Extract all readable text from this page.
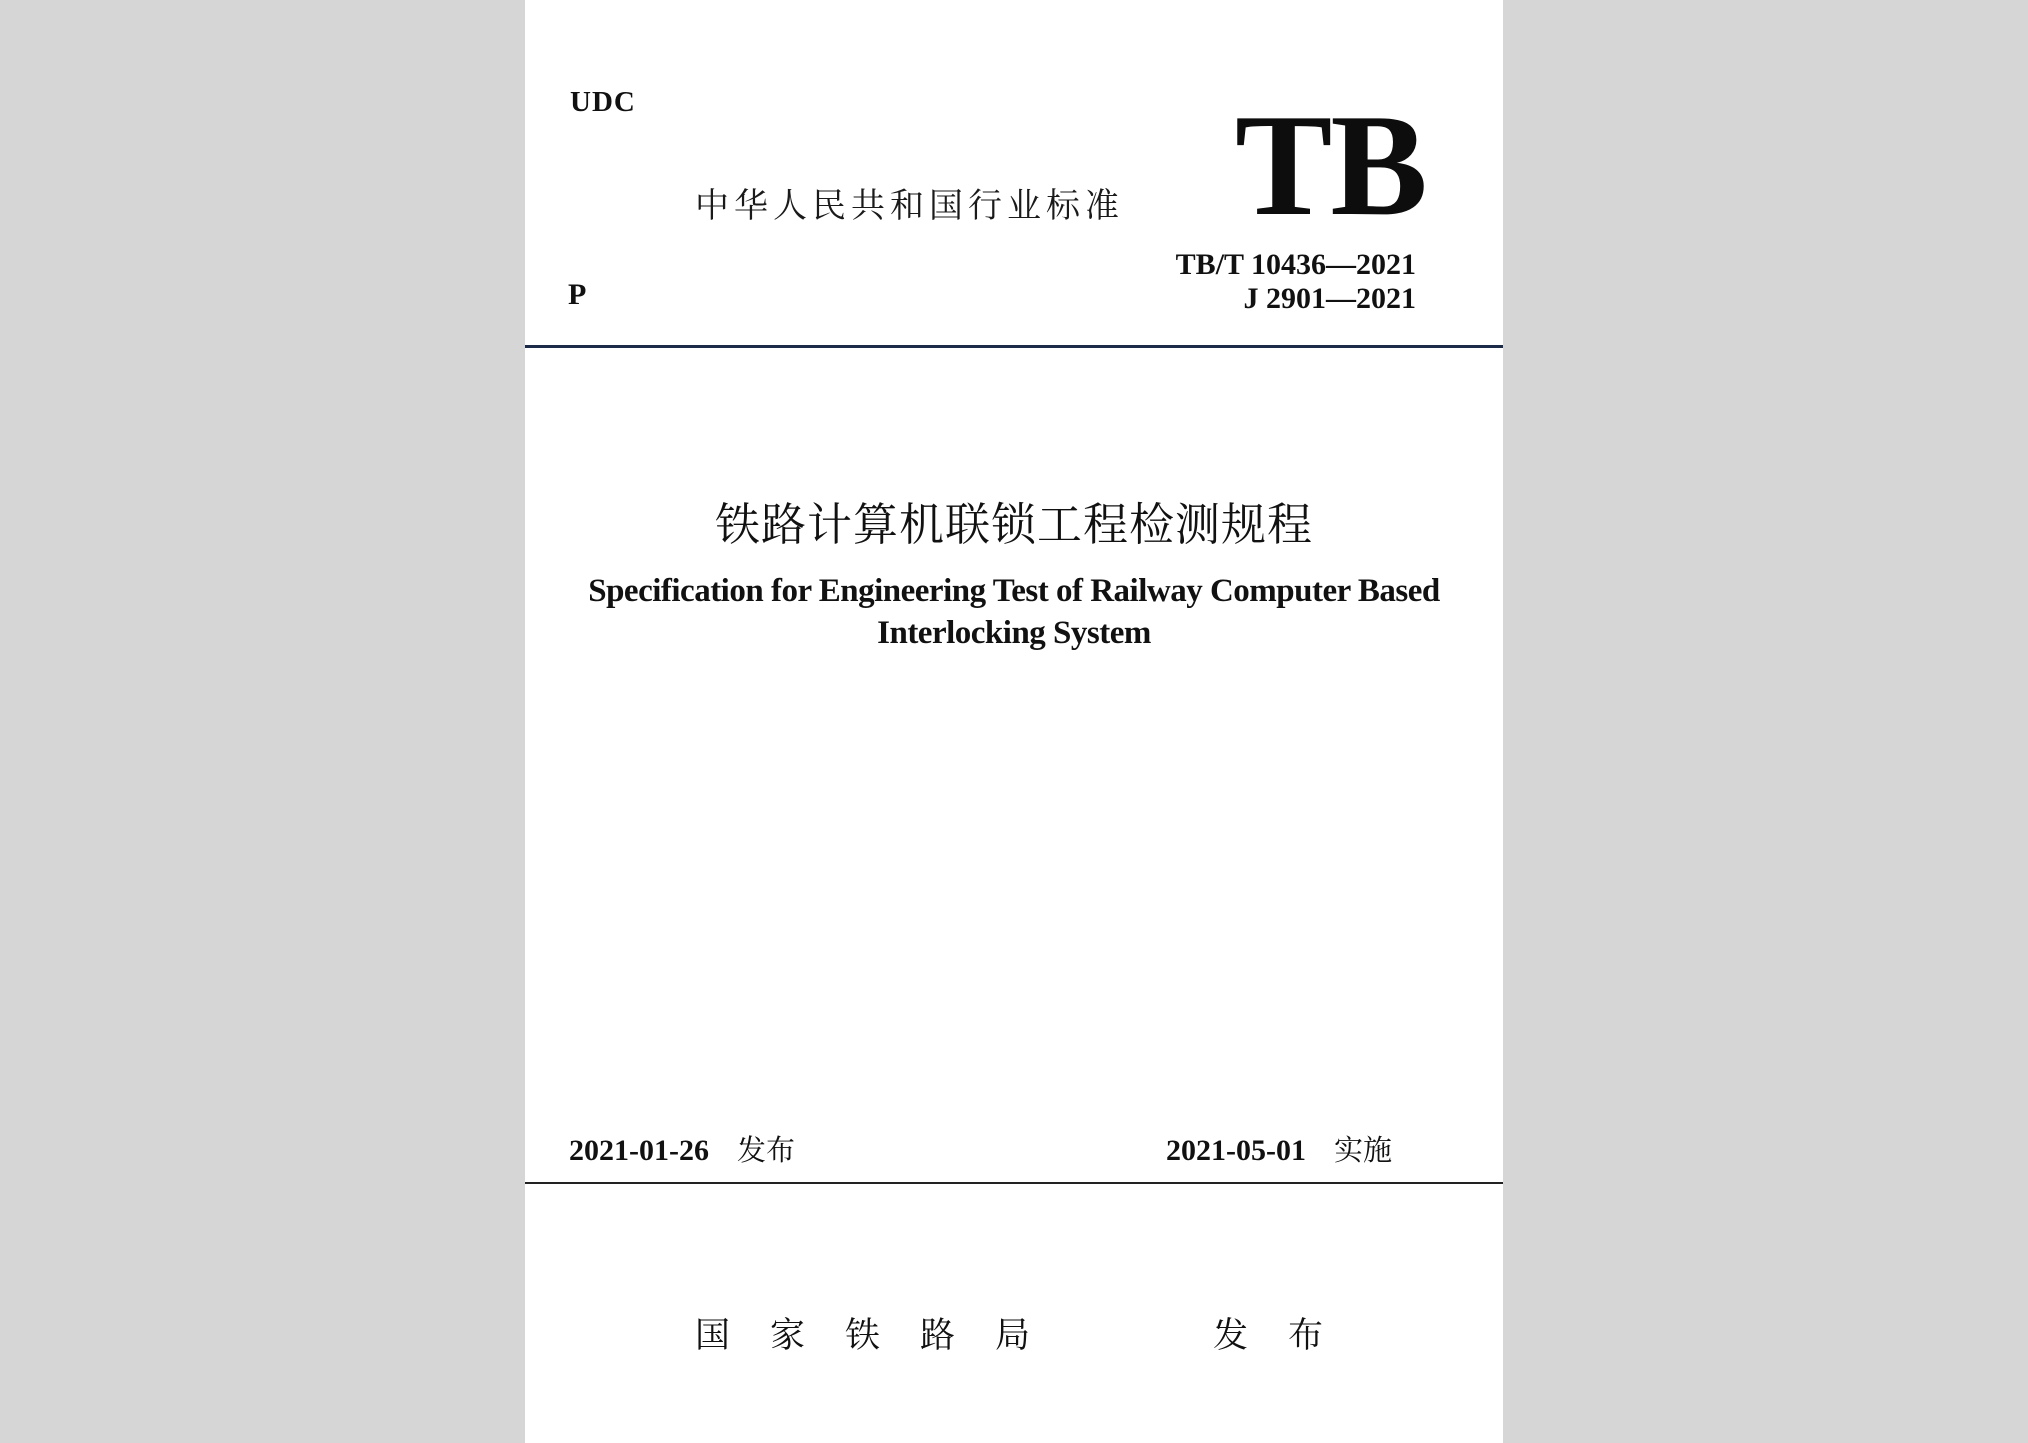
UDC
中华人民共和国行业标准 TB
P
TB/T 10436—2021
J 2901—2021
铁路计算机联锁工程检测规程
Specification for Engineering Test of Railway Computer Based
Interlocking System
2021-01-26 发布	2021-05-01 实施
国家铁路局	发布
